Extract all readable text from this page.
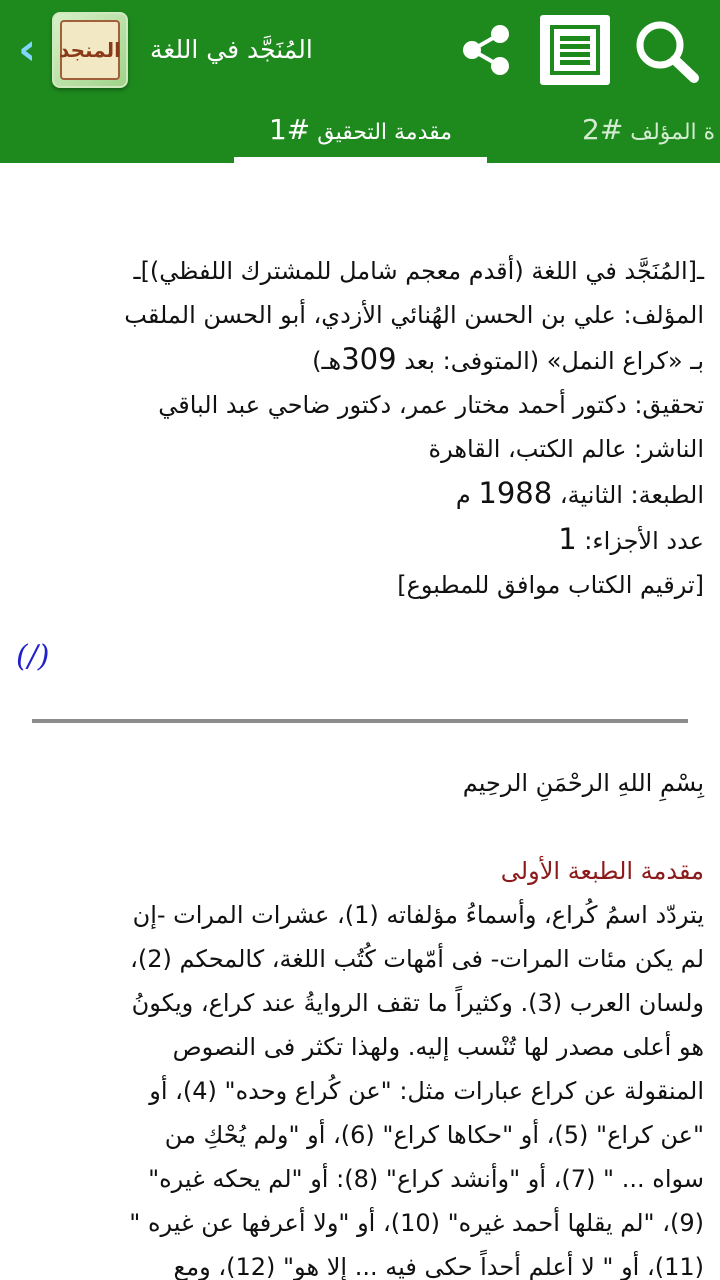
‹	المنجد المُنَجَّد في اللغة
مقدمة التحقيق #1	ة المؤلف #2
ـ[المُنَجَّد في اللغة (أقدم معجم شامل للمشترك اللفظي)]ـ
المؤلف: علي بن الحسن الهُنائي الأزدي، أبو الحسن الملقب
بـ «كراع النمل» (المتوفى: بعد 309هـ)
تحقيق: دكتور أحمد مختار عمر، دكتور ضاحي عبد الباقي
الناشر: عالم الكتب، القاهرة
الطبعة: الثانية، 1988 م
عدد الأجزاء: 1
[ترقيم الكتاب موافق للمطبوع]
(/)
بِسْمِ اللهِ الرحْمَنِ الرحِيم
مقدمة الطبعة الأولى
يتردّد اسمُ كُراع، وأسماءُ مؤلفاته (1)، عشرات المرات -إن
لم يكن مئات المرات- فى أمّهات كُتُب اللغة، كالمحكم (2)،
ولسان العرب (3). وكثيراً ما تقف الروايةُ عند كراع، ويكونُ
هو أعلى مصدر لها تُنْسب إليه. ولهذا تكثر فى النصوص
المنقولة عن كراع عبارات مثل: "عن كُراع وحده" (4)، أو
"عن كراع" (5)، أو "حكاها كراع" (6)، أو "ولم يُحْكِ من
سواه ... " (7)، أو "وأنشد كراع" (8): أو "لم يحكه غيره"
(9)، "لم يقلها أحمد غيره" (10)، أو "ولا أعرفها عن غيره "
(11)، أو " لا أعلم أحداً حكى فيه ... إلا هو" (12)، ومع
